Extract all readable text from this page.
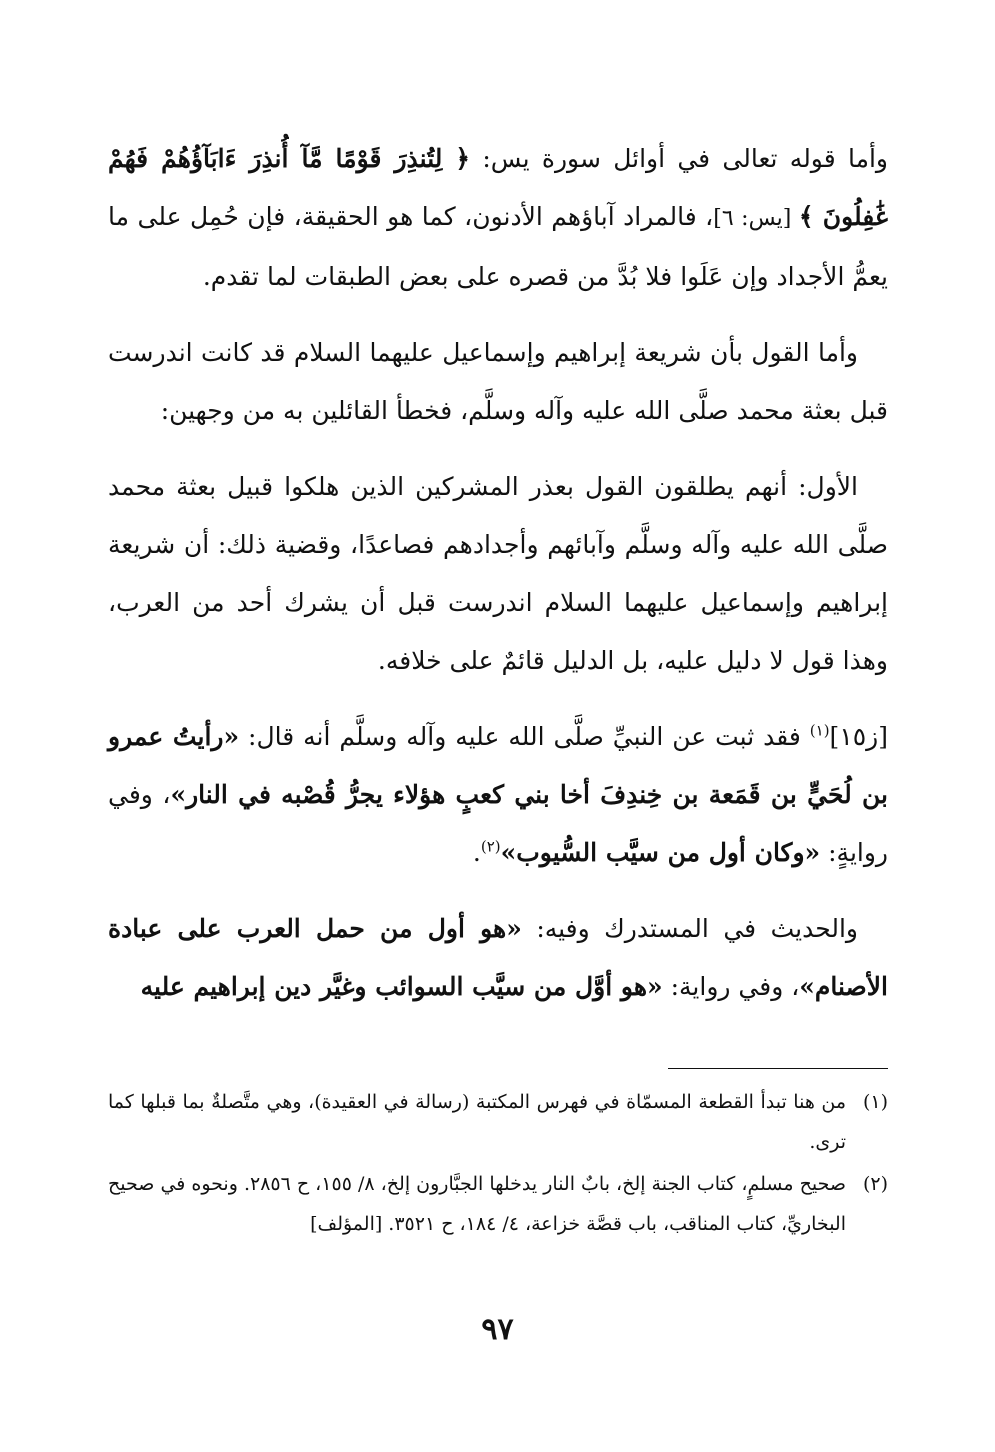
وأما قوله تعالى في أوائل سورة يس: ﴿ لِتُنذِرَ قَوْمًا مَّآ أُنذِرَ ءَابَآؤُهُمْ فَهُمْ غَٰفِلُونَ ﴾ [يس: ٦]، فالمراد آباؤهم الأدنون، كما هو الحقيقة، فإن حُمِل على ما يعمُّ الأجداد وإن عَلَوا فلا بُدَّ من قصره على بعض الطبقات لما تقدم.

وأما القول بأن شريعة إبراهيم وإسماعيل عليهما السلام قد كانت اندرست قبل بعثة محمد صلَّى الله عليه وآله وسلَّم، فخطأ القائلين به من وجهين:

الأول: أنهم يطلقون القول بعذر المشركين الذين هلكوا قبيل بعثة محمد صلَّى الله عليه وآله وسلَّم وآبائهم وأجدادهم فصاعدًا، وقضية ذلك: أن شريعة إبراهيم وإسماعيل عليهما السلام اندرست قبل أن يشرك أحد من العرب، وهذا قول لا دليل عليه، بل الدليل قائمٌ على خلافه.

[ز١٥]$^{(١)}$ فقد ثبت عن النبيِّ صلَّى الله عليه وآله وسلَّم أنه قال: «رأيتُ عمرو بن لُحَيٍّ بن قَمَعة بن خِندِفَ أخا بني كعبٍ هؤلاء يجرُّ قُصْبه في النار»، وفي روايةٍ: «وكان أول من سيَّب السُّيوب»$^{(٢)}$.

والحديث في المستدرك وفيه: «هو أول من حمل العرب على عبادة الأصنام»، وفي رواية: «هو أوَّل من سيَّب السوائب وغيَّر دين إبراهيم عليه

(١)
من هنا تبدأ القطعة المسمّاة في فهرس المكتبة (رسالة في العقيدة)، وهي متَّصلةٌ بما قبلها كما ترى.
(٢)
صحيح مسلمٍ، كتاب الجنة إلخ، بابٌ النار يدخلها الجبَّارون إلخ، ٨/ ١٥٥، ح ٢٨٥٦. ونحوه في صحيح البخاريِّ، كتاب المناقب، باب قصَّة خزاعة، ٤/ ١٨٤، ح ٣٥٢١. [المؤلف]
٩٧
